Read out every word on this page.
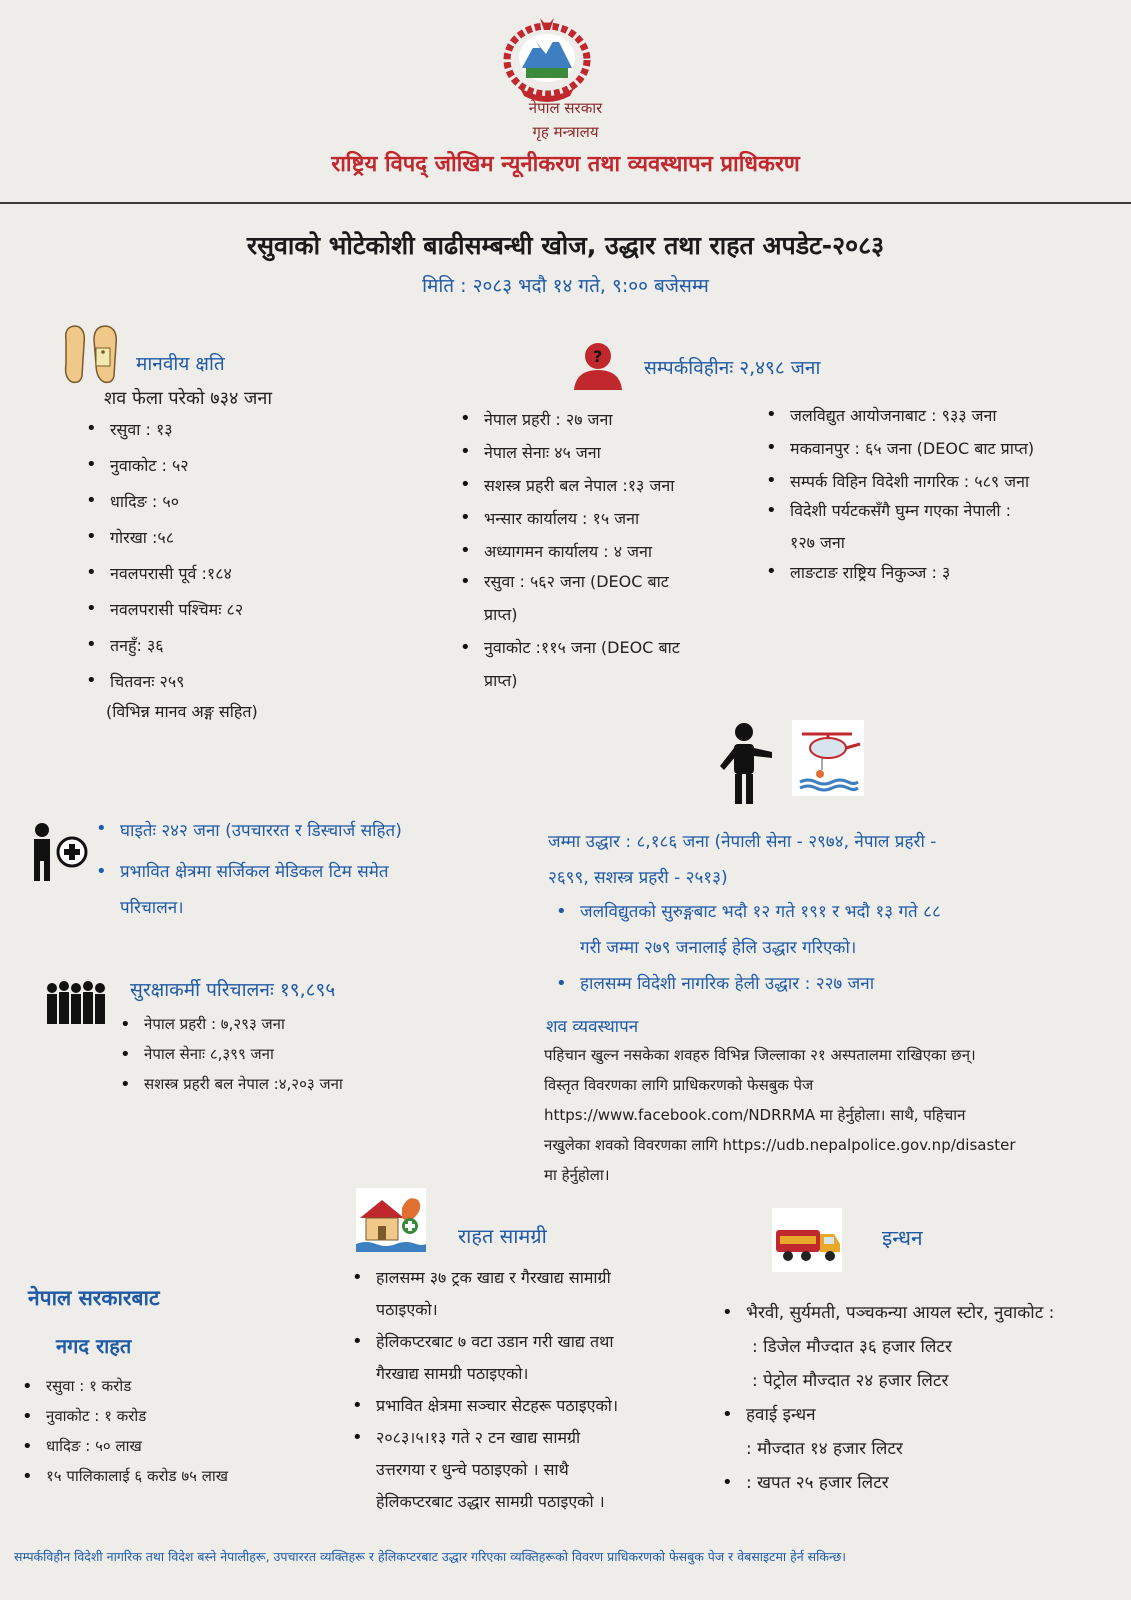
नेपाल सरकार
गृह मन्त्रालय
राष्ट्रिय विपद् जोखिम न्यूनीकरण तथा व्यवस्थापन प्राधिकरण
रसुवाको भोटेकोशी बाढीसम्बन्धी खोज, उद्धार तथा राहत अपडेट-२०८३
मिति : २०८३ भदौ १४ गते, ९:०० बजेसम्म
मानवीय क्षति
शव फेला परेको ७३४ जना
• रसुवा : १३
• नुवाकोट : ५२
• धादिङ : ५०
• गोरखा :५८
• नवलपरासी पूर्व :१८४
• नवलपरासी पश्चिमः ८२
• तनहुँ: ३६
• चितवनः २५९
(विभिन्न मानव अङ्ग सहित)
?
सम्पर्कविहीनः २,४९८ जना
• नेपाल प्रहरी : २७ जना
• नेपाल सेनाः ४५ जना
• सशस्त्र प्रहरी बल नेपाल :१३ जना
• भन्सार कार्यालय : १५ जना
• अध्यागमन कार्यालय : ४ जना
• रसुवा : ५६२ जना (DEOC बाट
प्राप्त)
• नुवाकोट :११५ जना (DEOC बाट
प्राप्त)
• जलविद्युत आयोजनाबाट : ९३३ जना
• मकवानपुर : ६५ जना (DEOC बाट प्राप्त)
• सम्पर्क विहिन विदेशी नागरिक : ५८९ जना
• विदेशी पर्यटकसँगै घुम्न गएका नेपाली :
१२७ जना
• लाङटाङ राष्ट्रिय निकुञ्ज : ३
• घाइतेः २४२ जना (उपचाररत र डिस्चार्ज सहित)
• प्रभावित क्षेत्रमा सर्जिकल मेडिकल टिम समेत
परिचालन।
जम्मा उद्धार : ८,१८६ जना (नेपाली सेना - २९७४, नेपाल प्रहरी -
२६९९, सशस्त्र प्रहरी - २५१३)
• जलविद्युतको सुरुङ्गबाट भदौ १२ गते १९१ र भदौ १३ गते ८८
गरी जम्मा २७९ जनालाई हेलि उद्धार गरिएको।
• हालसम्म विदेशी नागरिक हेली उद्धार : २२७ जना
सुरक्षाकर्मी परिचालनः १९,८९५
• नेपाल प्रहरी : ७,२९३ जना
• नेपाल सेनाः ८,३९९ जना
• सशस्त्र प्रहरी बल नेपाल :४,२०३ जना
शव व्यवस्थापन
पहिचान खुल्न नसकेका शवहरु विभिन्न जिल्लाका २१ अस्पतालमा राखिएका छन्।
विस्तृत विवरणका लागि प्राधिकरणको फेसबुक पेज
https://www.facebook.com/NDRRMA मा हेर्नुहोला। साथै, पहिचान
नखुलेका शवको विवरणका लागि https://udb.nepalpolice.gov.np/disaster
मा हेर्नुहोला।
राहत सामग्री
• हालसम्म ३७ ट्रक खाद्य र गैरखाद्य सामाग्री
पठाइएको।
• हेलिकप्टरबाट ७ वटा उडान गरी खाद्य तथा
गैरखाद्य सामग्री पठाइएको।
• प्रभावित क्षेत्रमा सञ्चार सेटहरू पठाइएको।
• २०८३।५।१३ गते २ टन खाद्य सामग्री
उत्तरगया र धुन्चे पठाइएको । साथै
हेलिकप्टरबाट उद्धार सामग्री पठाइएको ।
इन्धन
• भैरवी, सुर्यमती, पञ्चकन्या आयल स्टोर, नुवाकोट :
: डिजेल मौज्दात ३६ हजार लिटर
: पेट्रोल मौज्दात २४ हजार लिटर
• हवाई इन्धन
: मौज्दात १४ हजार लिटर
• : खपत २५ हजार लिटर
नेपाल सरकारबाट
नगद राहत
• रसुवा : १ करोड
• नुवाकोट : १ करोड
• धादिङ : ५० लाख
• १५ पालिकालाई ६ करोड ७५ लाख
सम्पर्कविहीन विदेशी नागरिक तथा विदेश बस्ने नेपालीहरू, उपचाररत व्यक्तिहरू र हेलिकप्टरबाट उद्धार गरिएका व्यक्तिहरूको विवरण प्राधिकरणको फेसबुक पेज र वेबसाइटमा हेर्न सकिन्छ।
